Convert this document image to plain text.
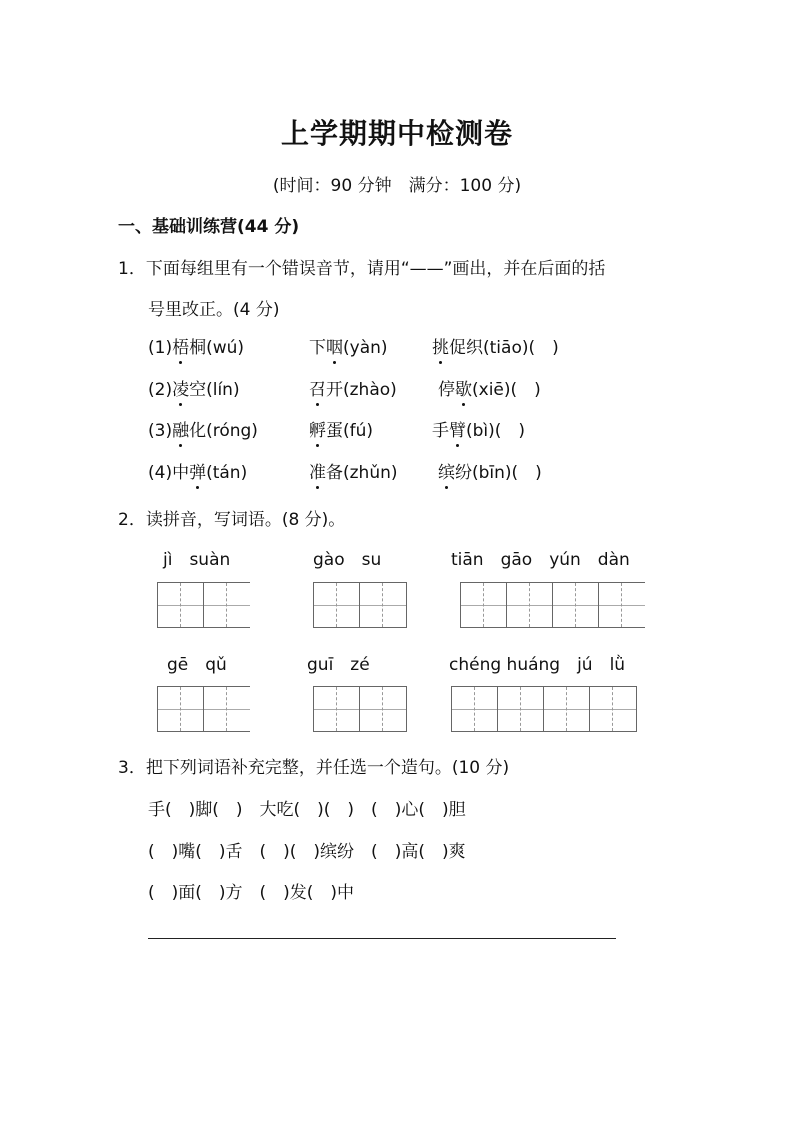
上学期期中检测卷
(时间：90 分钟　满分：100 分)
一、基础训练营(44 分)
1．下面每组里有一个错误音节，请用“——”画出，并在后面的括
号里改正。(4 分)
(1)梧桐(wú)	下咽(yàn)	挑促织(tiāo)(　)
(2)凌空(lín)	召开(zhào) 停歇(xiē)(　)
(3)融化(róng)	孵蛋(fú)	手臂(bì)(　)
(4)中弹(tán)	准备(zhǔn) 缤纷(bīn)(　)
2．读拼音，写词语。(8 分)。
jì　suàn	gào　su	tiān　gāo　yún　dàn
gē　qǔ	guī　zé	chéng huáng　jú　lǜ
3．把下列词语补充完整，并任选一个造句。(10 分)
手(　)脚(　)　大吃(　)(　)　(　)心(　)胆
(　)嘴(　)舌　(　)(　)缤纷　(　)高(　)爽
(　)面(　)方　(　)发(　)中
